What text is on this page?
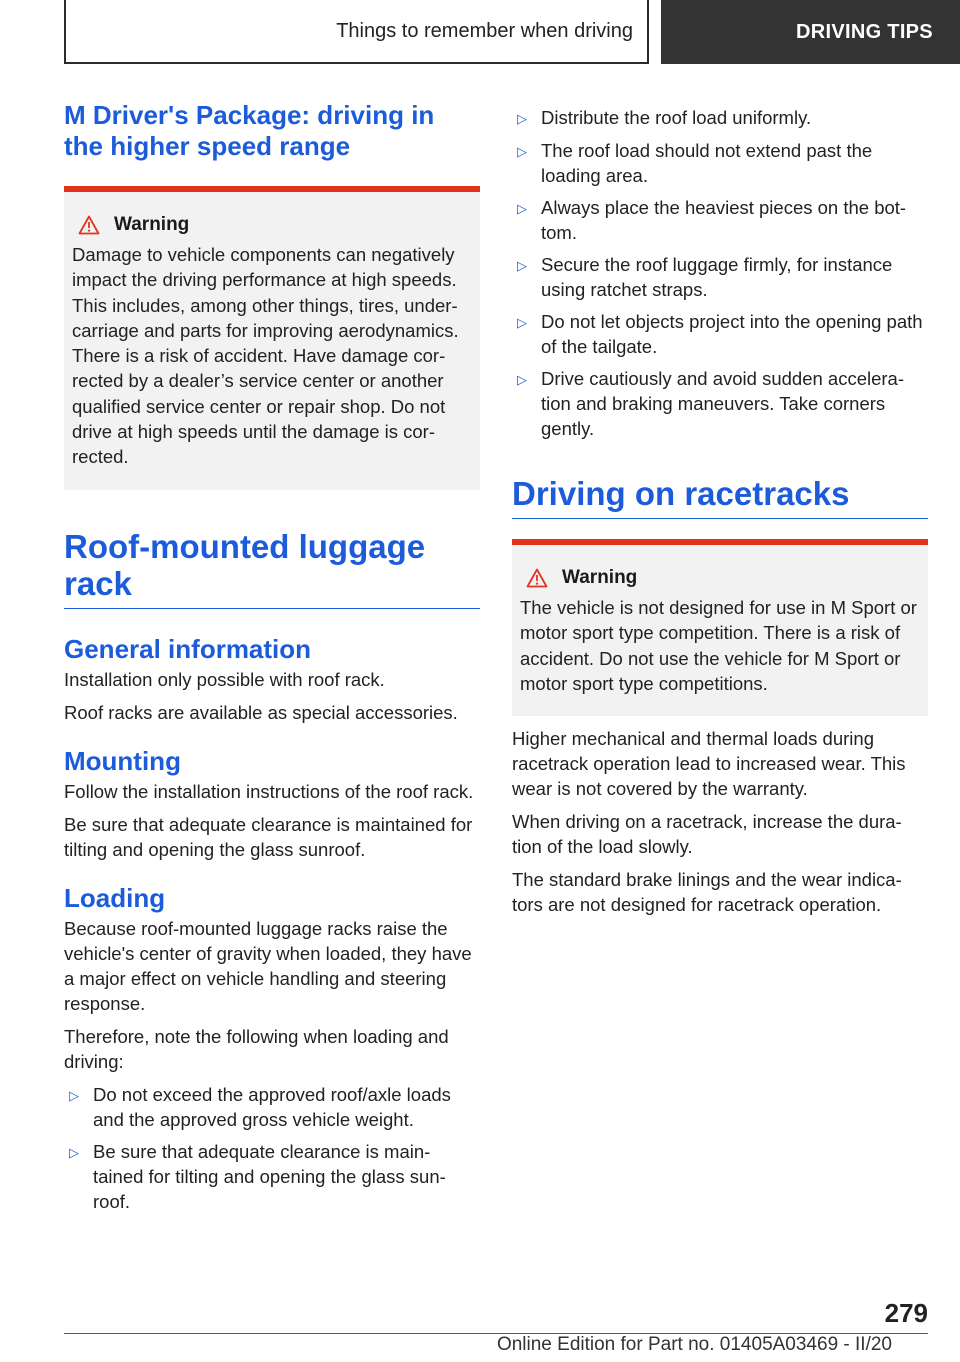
Things to remember when driving	DRIVING TIPS
M Driver's Package: driving in the higher speed range
Warning

Damage to vehicle components can negatively impact the driving performance at high speeds. This includes, among other things, tires, under-carriage and parts for improving aerodynamics. There is a risk of accident. Have damage cor-rected by a dealer’s service center or another qualified service center or repair shop. Do not drive at high speeds until the damage is cor-rected.

Roof-mounted luggage rack
General information

Installation only possible with roof rack.

Roof racks are available as special accessories.

Mounting

Follow the installation instructions of the roof rack.

Be sure that adequate clearance is maintained for tilting and opening the glass sunroof.

Loading

Because roof-mounted luggage racks raise the vehicle's center of gravity when loaded, they have a major effect on vehicle handling and steering response.

Therefore, note the following when loading and driving:

▷ Do not exceed the approved roof/axle loads and the approved gross vehicle weight.
▷ Be sure that adequate clearance is main-tained for tilting and opening the glass sun-roof.
▷ Distribute the roof load uniformly.
▷ The roof load should not extend past the loading area.
▷ Always place the heaviest pieces on the bot-tom.
▷ Secure the roof luggage firmly, for instance using ratchet straps.
▷ Do not let objects project into the opening path of the tailgate.
▷ Drive cautiously and avoid sudden accelera-tion and braking maneuvers. Take corners gently.
Driving on racetracks
Warning

The vehicle is not designed for use in M Sport or motor sport type competition. There is a risk of accident. Do not use the vehicle for M Sport or motor sport type competitions.

Higher mechanical and thermal loads during racetrack operation lead to increased wear. This wear is not covered by the warranty.

When driving on a racetrack, increase the dura-tion of the load slowly.

The standard brake linings and the wear indica-tors are not designed for racetrack operation.

279
Online Edition for Part no. 01405A03469 - II/20
